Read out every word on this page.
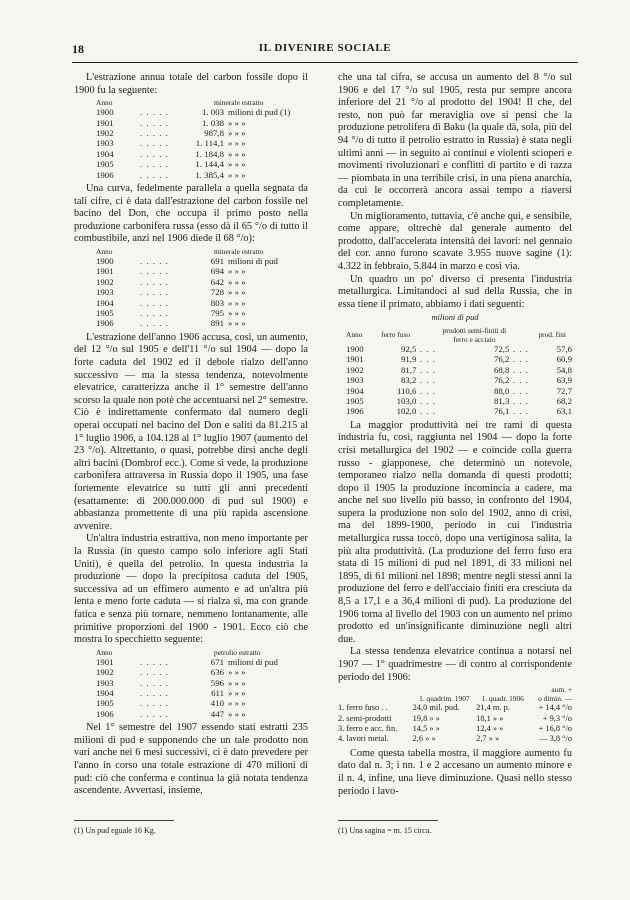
18	IL DIVENIRE SOCIALE

L'estrazione annua totale del carbon fossile dopo il 1900 fu la seguente:

Anno		minerale estratto	
1900	. . . . .	1. 003	milioni di pud (1)
1901	. . . . .	1. 038	» » »
1902	. . . . .	987,8	» » »
1903	. . . . .	1. 114,1	» » »
1904	. . . . .	1. 184,8	» » »
1905	. . . . .	1. 144,4	» » »
1906	. . . . .	1. 385,4	» » »

Una curva, fedelmente parallela a quella segnata da tali cifre, ci è data dall'estrazione del carbon fossile nel bacino del Don, che occupa il primo posto nella produzione carbonifera russa (esso dà il 65 °/o di tutto il combustibile, anzi nel 1906 diede il 68 °/o):

Anno		minerale estratto	
1900	. . . . .	691	milioni di pud
1901	. . . . .	694	» » »
1902	. . . . .	642	» » »
1903	. . . . .	728	» » »
1904	. . . . .	803	» » »
1905	. . . . .	795	» » »
1906	. . . . .	891	» » »

L'estrazione dell'anno 1906 accusa, così, un aumento, del 12 °/o sul 1905 e dell'11 °/o sul 1904 — dopo la forte caduta del 1902 ed il debole rialzo dell'anno successivo — ma la stessa tendenza, notevolmente elevatrice, caratterizza anche il 1° semestre dell'anno scorso la quale non potè che accentuarsi nel 2° semestre. Ciò è indirettamente confermato dal numero degli operai occupati nel bacino del Don e saliti da 81.215 al 1° luglio 1906, a 104.128 al 1° luglio 1907 (aumento del 23 °/o). Altrettanto, o quasi, potrebbe dirsi anche degli altri bacini (Dombrof ecc.). Come si vede, la produzione carbonifera attraversa in Russia dopo il 1905, una fase fortemente elevatrice su tutti gli anni precedenti (esattamente: di 200.000.000 di pud sul 1900) e abbastanza promettente di una più rapida ascensione avvenire.

Un'altra industria estrattiva, non meno importante per la Russia (in questo campo solo inferiore agli Stati Uniti), è quella del petrolio. In questa industria la produzione — dopo la precipitosa caduta del 1905, successiva ad un effimero aumento e ad un'altra più lenta e meno forte caduta — si rialza sì, ma con grande fatica e senza più tornare, nemmeno lontanamente, alle primitive proporzioni del 1900 - 1901. Ecco ciò che mostra lo specchietto seguente:

Anno		petrolio estratto	
1901	. . . . .	671	milioni di pud
1902	. . . . .	636	» » »
1903	. . . . .	596	» » »
1904	. . . . .	611	» » »
1905	. . . . .	410	» » »
1906	. . . . .	447	» » »

Nel 1° semestre del 1907 essendo stati estratti 235 milioni di pud e supponendo che un tale prodotto non vari anche nei 6 mesi successivi, ci è dato prevedere per l'anno in corso una totale estrazione di 470 milioni di pud: ciò che conferma e continua la già notata tendenza ascendente. Avvertasi, insieme,

che una tal cifra, se accusa un aumento del 8 °/o sul 1906 e del 17 °/o sul 1905, resta pur sempre ancora inferiore del 21 °/o al prodotto del 1904! Il che, del resto, non può far meraviglia ove si pensi che la produzione petrolifera di Baku (la quale dà, sola, più del 94 °/o di tutto il petrolio estratto in Russia) è stata negli ultimi anni — in seguito ai continui e violenti scioperi e movimenti rivoluzionari e conflitti di partito e di razza — piombata in una terribile crisi, in una piena anarchia, da cui le occorrerà ancora assai tempo a riaversi completamente.

Un miglioramento, tuttavia, c'è anche qui, e sensibile, come appare, oltrechè dal generale aumento del prodotto, dall'accelerata intensità dei lavori: nel gennaio del cor. anno furono scavate 3.955 nuove sagine (1): 4.322 in febbraio, 5.844 in marzo e così via.

Un quadro un po' diverso ci presenta l'industria metallurgica. Limitandoci al sud della Russia, che in essa tiene il primato, abbiamo i dati seguenti:

milioni di pud
Anno	ferro fuso		prodotti semi-finiti di ferro e acciaio		prod. fini
1900	92,5	. . .	72,5	. . .	57,6
1901	91,9	. . .	76,2	. . .	60,9
1902	81,7	. . .	68,8	. . .	54,8
1903	83,2	. . .	76,2	. . .	63,9
1904	110,6	. . .	88,0	. . .	72,7
1905	103,0	. . .	81,3	. . .	68,2
1906	102,0	. . .	76,1	. . .	63,1

La maggior produttività nei tre rami di questa industria fu, così, raggiunta nel 1904 — dopo la forte crisi metallurgica del 1902 — e coincide colla guerra russo - giapponese, che determinò un notevole, temporaneo rialzo nella domanda di questi prodotti; dopo il 1905 la produzione incomincia a cadere, ma anche nel suo livello più basso, in confronto del 1904, supera la produzione non solo del 1902, anno di crisi, ma del 1899-1900, periodo in cui l'industria metallurgica russa toccò, dopo una vertiginosa salita, la più alta produttività. (La produzione del ferro fuso era stata di 15 milioni di pud nel 1891, di 33 milioni nel 1895, di 61 milioni nel 1898; mentre negli stessi anni la produzione del ferro e dell'acciaio finiti era cresciuta da 8,5 a 17,1 e a 36,4 milioni di pud). La produzione del 1906 torna al livello del 1903 con un aumento nel primo prodotto ed un'insignificante diminuzione negli altri due.

La stessa tendenza elevatrice continua a notarsi nel 1907 — 1° quadrimestre — di contro al corrispondente periodo del 1906:

aum. +			
	1. quadrim. 1907	1. quadr. 1906	o dimin. —
1. ferro fuso . .	24,0 mil. pud.	21,4 m. p.	+ 14,4 °/o
2. semi-prodotti	19,8 » »	18,1 » »	+ 9,3 °/o
3. ferro e acc. fin.	14,5 » »	12,4 » »	+ 16,8 °/o
4. lavori metal.	2,6 » »	2,7 » »	— 3,8 °/o

Come questa tabella mostra, il maggiore aumento fu dato dal n. 3; i nn. 1 e 2 accesano un aumento minore e il n. 4, infine, una lieve diminuzione. Quasi nello stesso periodo i lavo-

(1) Un pud eguale 16 Kg.	(1) Una sagina = m. 15 circa.
